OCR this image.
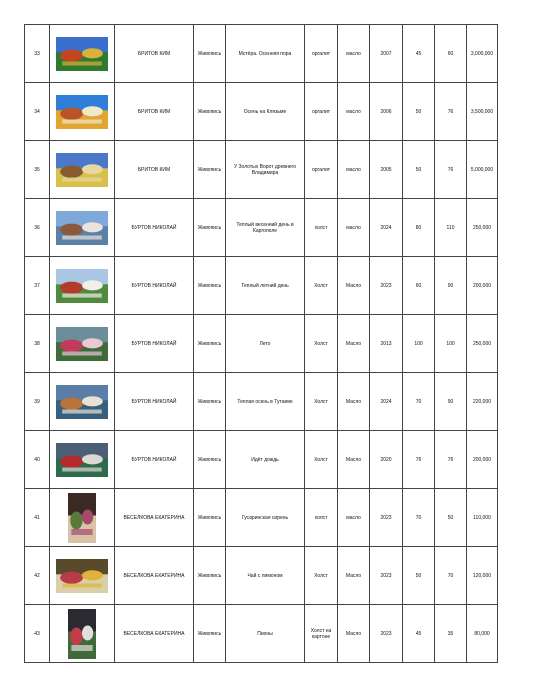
33		БРИТОВ КИМ	Живопись	Мстёра. Осенняя пора	оргалит	масло	2007	45	60	3,000,000
34		БРИТОВ КИМ	Живопись	Осень на Клязьме	оргалит	масло	2006	50	76	3,500,000
35		БРИТОВ КИМ	Живопись	У Золотых Ворот древнего Владимира	оргалит	масло	2005	50	76	5,000,000
36		БУРТОВ НИКОЛАЙ	Живопись	Теплый весенний день в Каргополе	холст	масло	2024	80	110	250,000
37		БУРТОВ НИКОЛАЙ	Живопись	Теплый летний день	Холст	Масло	2023	60	90	200,000
38		БУРТОВ НИКОЛАЙ	Живопись	Лето	Холст	Масло	2013	100	100	250,000
39		БУРТОВ НИКОЛАЙ	Живопись	Теплая осень в Тутаеве	Холст	Масло	2024	70	90	220,000
40		БУРТОВ НИКОЛАЙ	Живопись	Идёт дождь	Холст	Масло	2020	76	76	200,000
41		ВЕСЕЛКОВА ЕКАТЕРИНА	Живопись	Гусаринская сирень	холст	масло	2023	70	50	110,000
42		ВЕСЕЛКОВА ЕКАТЕРИНА	Живопись	Чай с лимоном	Холст	Масло	2023	50	70	120,000
43		ВЕСЕЛКОВА ЕКАТЕРИНА	Живопись	Пионы	Холст на картоне	Масло	2023	45	35	80,000
